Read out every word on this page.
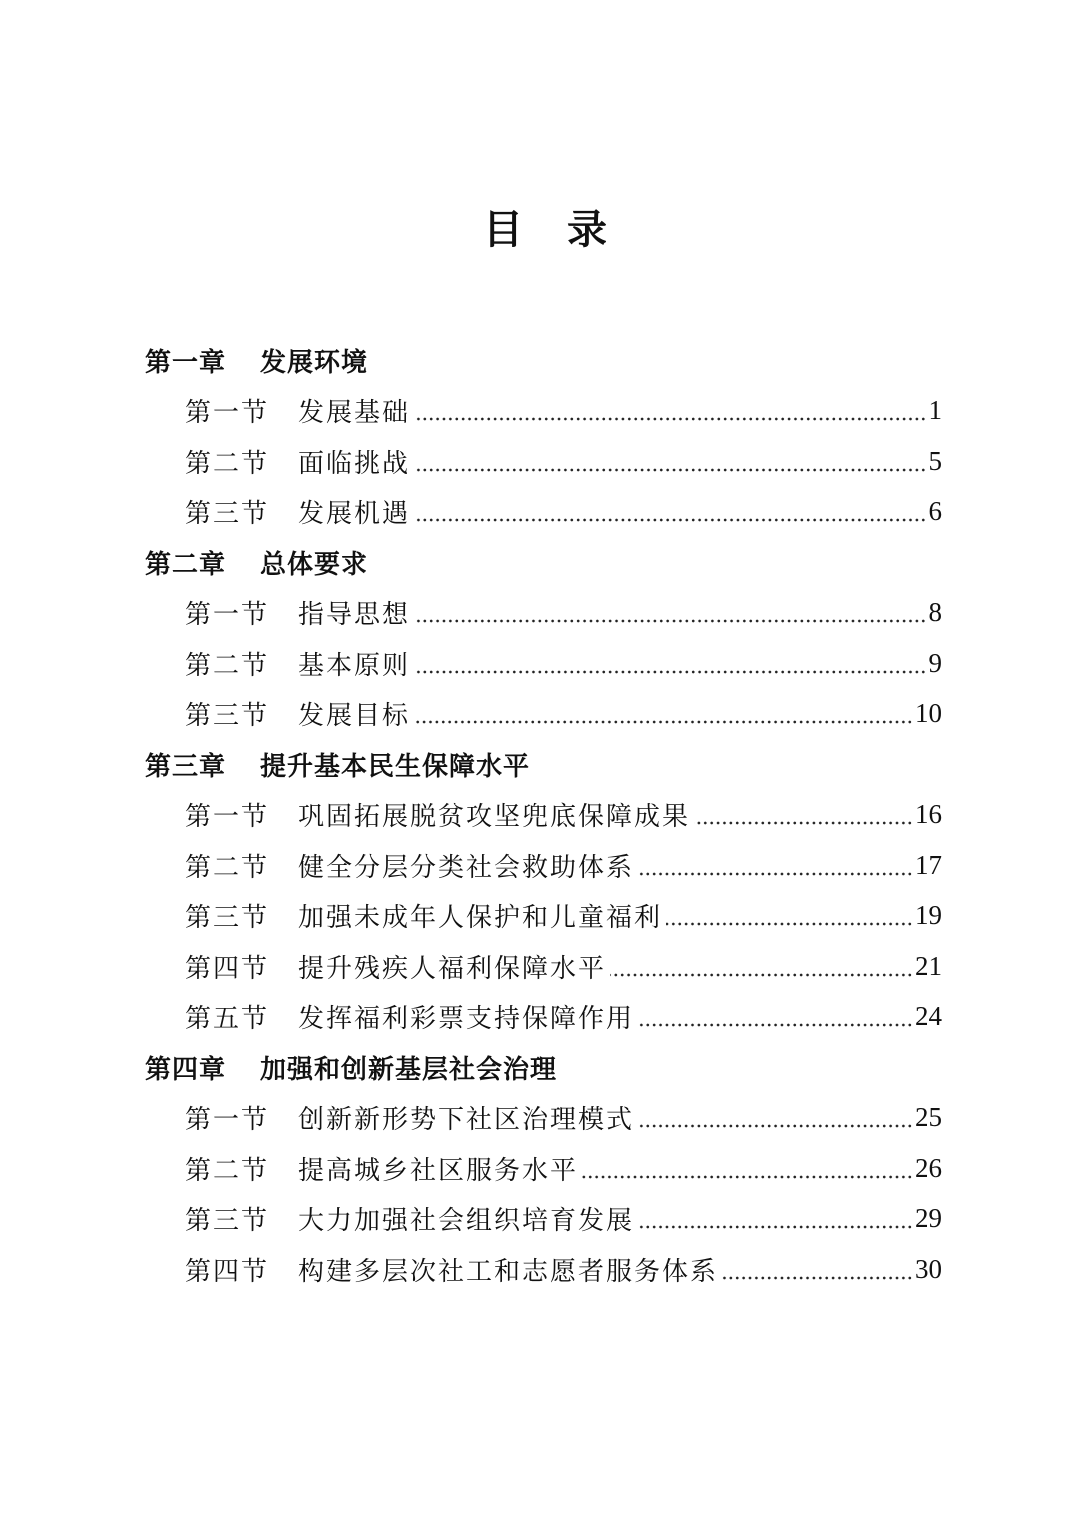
目 录
第一章	发展环境
第一节	发展基础	1
第二节	面临挑战	5
第三节	发展机遇	6
第二章	总体要求
第一节	指导思想	8
第二节	基本原则	9
第三节	发展目标	10
第三章	提升基本民生保障水平
第一节	巩固拓展脱贫攻坚兜底保障成果	16
第二节	健全分层分类社会救助体系	17
第三节	加强未成年人保护和儿童福利	19
第四节	提升残疾人福利保障水平	21
第五节	发挥福利彩票支持保障作用	24
第四章	加强和创新基层社会治理
第一节	创新新形势下社区治理模式	25
第二节	提高城乡社区服务水平	26
第三节	大力加强社会组织培育发展	29
第四节	构建多层次社工和志愿者服务体系	30
